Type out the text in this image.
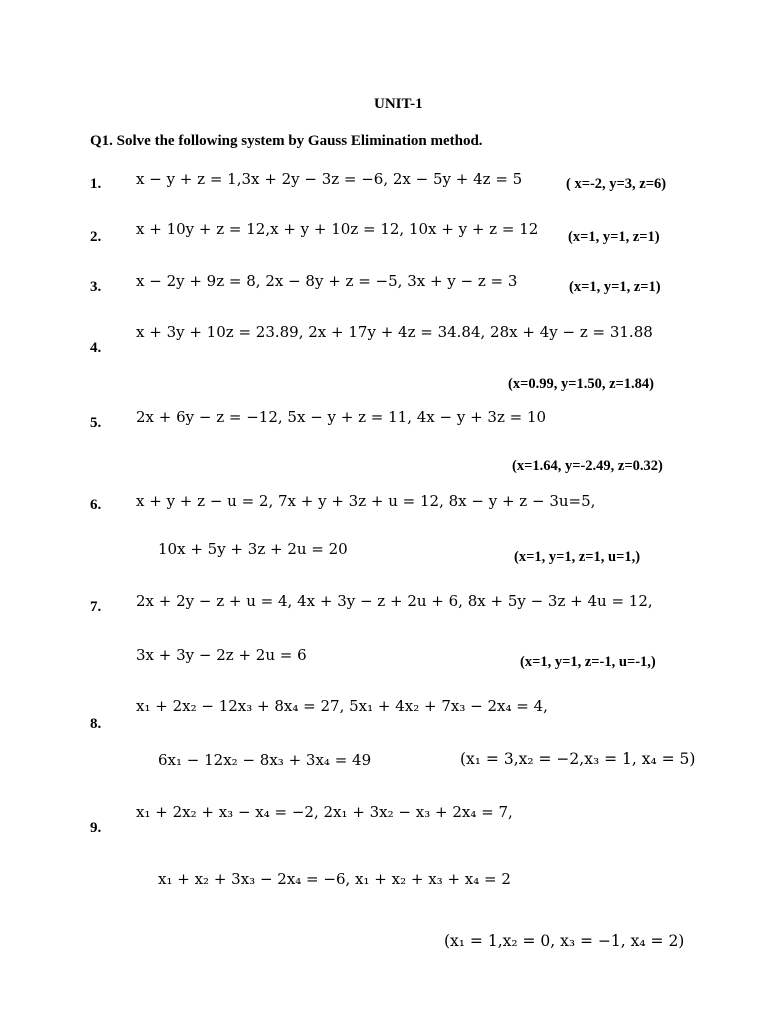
UNIT-1
Q1. Solve the following system by Gauss Elimination method.
1. x − y + z = 1,3x + 2y − 3z = −6, 2x − 5y + 4z = 5	( x=-2, y=3, z=6)
2. x + 10y + z = 12,x + y + 10z = 12, 10x + y + z = 12 (x=1, y=1, z=1)
3. x − 2y + 9z = 8, 2x − 8y + z = −5, 3x + y − z = 3	(x=1, y=1, z=1)
x + 3y + 10z = 23.89, 2x + 17y + 4z = 34.84, 28x + 4y − z = 31.88
4.
(x=0.99, y=1.50, z=1.84)
5. 2x + 6y − z = −12, 5x − y + z = 11, 4x − y + 3z = 10
(x=1.64, y=-2.49, z=0.32)
6. x + y + z − u = 2, 7x + y + 3z + u = 12, 8x − y + z − 3u=5,
10x + 5y + 3z + 2u = 20	(x=1, y=1, z=1, u=1,)
7. 2x + 2y − z + u = 4, 4x + 3y − z + 2u + 6, 8x + 5y − 3z + 4u = 12,
3x + 3y − 2z + 2u = 6	(x=1, y=1, z=-1, u=-1,)
x₁ + 2x₂ − 12x₃ + 8x₄ = 27, 5x₁ + 4x₂ + 7x₃ − 2x₄ = 4,
8.
6x₁ − 12x₂ − 8x₃ + 3x₄ = 49	(x₁ = 3,x₂ = −2,x₃ = 1, x₄ = 5)
x₁ + 2x₂ + x₃ − x₄ = −2, 2x₁ + 3x₂ − x₃ + 2x₄ = 7,
9.
x₁ + x₂ + 3x₃ − 2x₄ = −6, x₁ + x₂ + x₃ + x₄ = 2
(x₁ = 1,x₂ = 0, x₃ = −1, x₄ = 2)
